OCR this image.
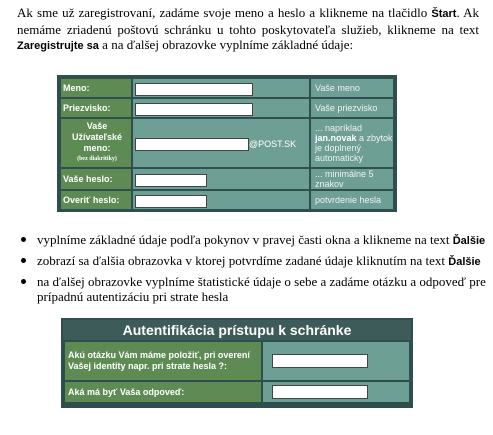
Ak sme už zaregistrovaní, zadáme svoje meno a heslo a klikneme na tlačidlo Štart. Ak nemáme zriadenú poštovú schránku u tohto poskytovateľa služieb, klikneme na text Zaregistrujte sa a na ďalšej obrazovke vyplníme základné údaje:
Meno:		Vaše meno
Priezvisko:		Vaše priezvisko

Vaše
Užívateľské
meno:
(bez diakritiky)	@POST.SK	... napríklad jan.novak a zbytok je doplnený automaticky
Vaše heslo:		... minimálne 5 znakov
Overiť heslo:		potvrdenie hesla
vyplníme základné údaje podľa pokynov v pravej časti okna a klikneme na text Ďalšie
zobrazí sa ďalšia obrazovka v ktorej potvrdíme zadané údaje kliknutím na text Ďalšie
na ďalšej obrazovke vyplníme štatistické údaje o sebe a zadáme otázku a odpoveď pre prípadnú autentizáciu pri strate hesla
Autentifikácia prístupu k schránke
Akú otázku Vám máme položiť, pri overení Vašej identity napr. pri strate hesla ?:	
Aká má byť Vaša odpoveď:	
